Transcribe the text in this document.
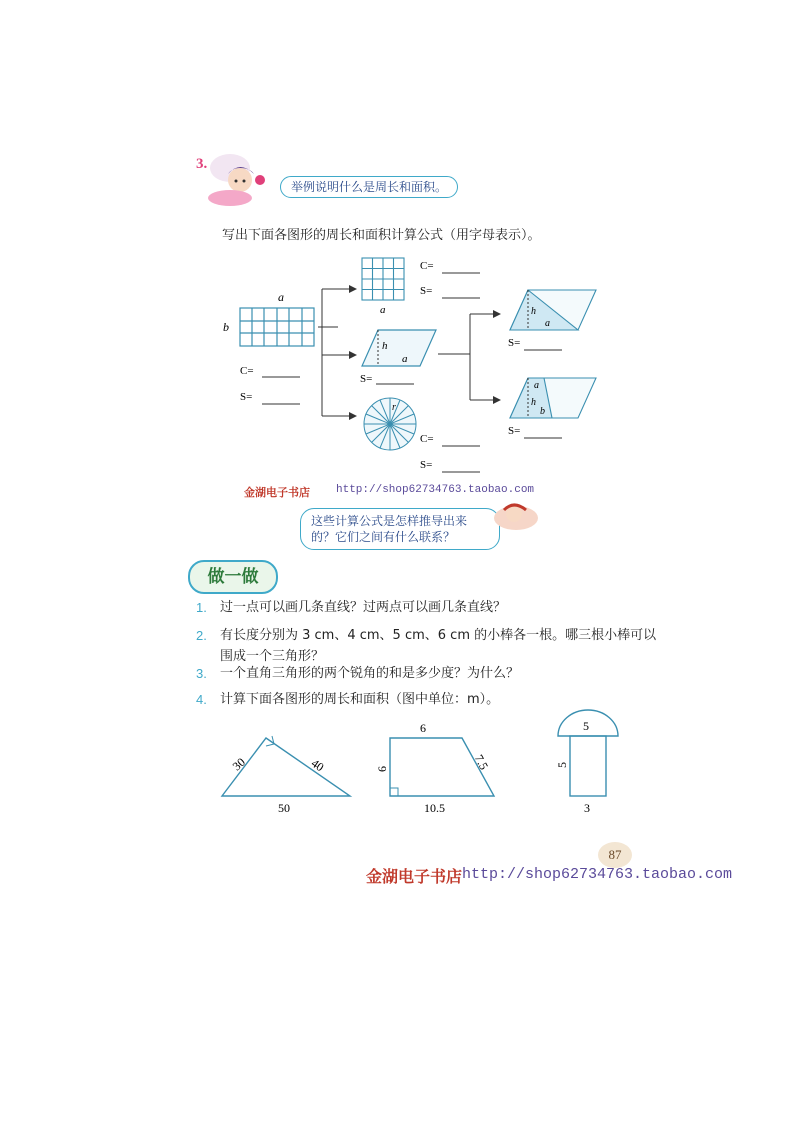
3.
举例说明什么是周长和面积。
写出下面各图形的周长和面积计算公式（用字母表示）。
a
b
C=
S=
a
C=
S=
h
a
S=
r
C=
S=
h
a
S=
a
h
b
S=
金湖电子书店 http://shop62734763.taobao.com
这些计算公式是怎样推导出来的？它们之间有什么联系？
做一做
1. 过一点可以画几条直线？过两点可以画几条直线？
2. 有长度分别为 3 cm、4 cm、5 cm、6 cm 的小棒各一根。哪三根小棒可以
围成一个三角形？
3. 一个直角三角形的两个锐角的和是多少度？为什么？
4. 计算下面各图形的周长和面积（图中单位：m）。
30	40
50
6
6	7.5
10.5
5
5
3
87
金湖电子书店 http://shop62734763.taobao.com
